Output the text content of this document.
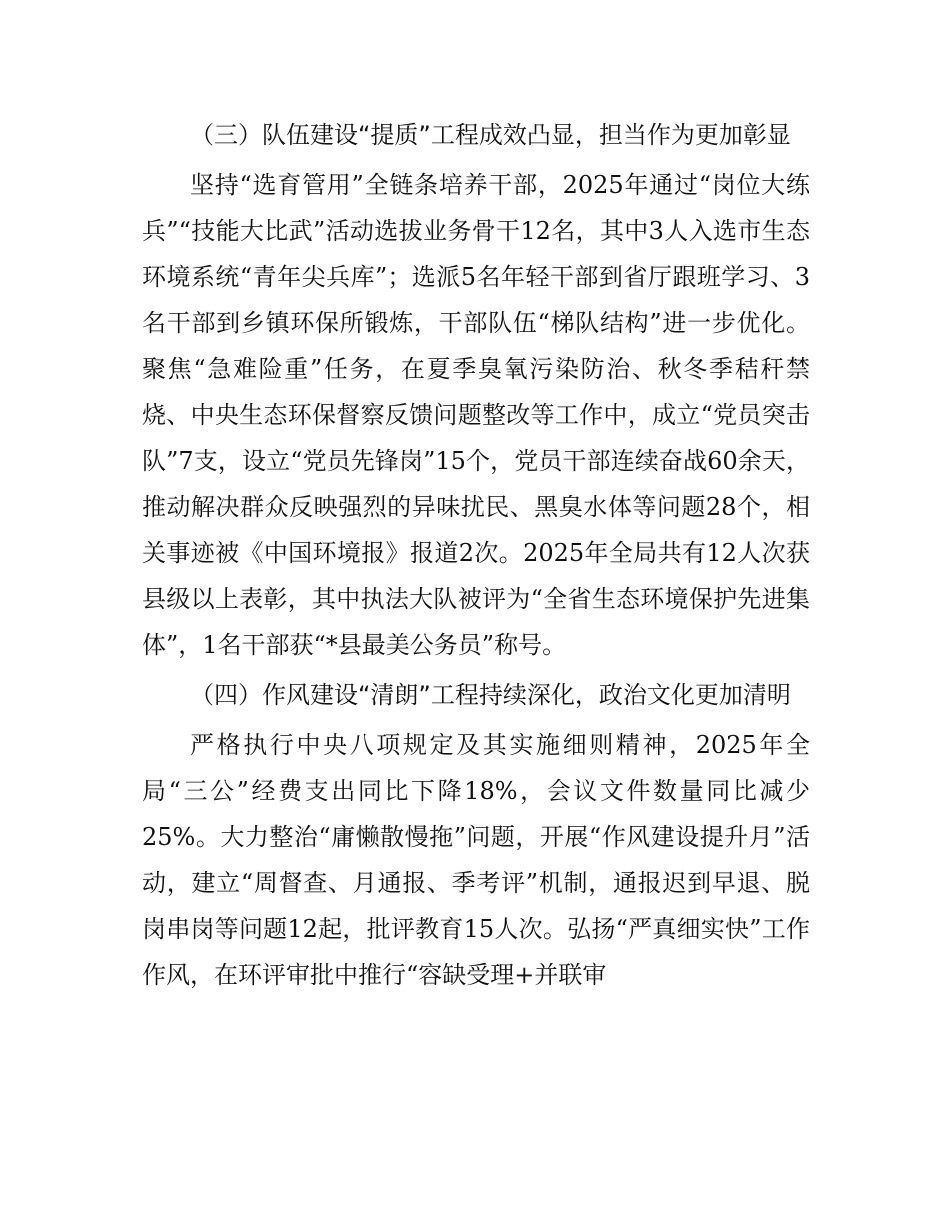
（三）队伍建设“提质”工程成效凸显，担当作为更加彰显

坚持“选育管用”全链条培养干部，2025年通过“岗位大练兵”“技能大比武”活动选拔业务骨干12名，其中3人入选市生态环境系统“青年尖兵库”；选派5名年轻干部到省厅跟班学习、3名干部到乡镇环保所锻炼，干部队伍“梯队结构”进一步优化。聚焦“急难险重”任务，在夏季臭氧污染防治、秋冬季秸秆禁烧、中央生态环保督察反馈问题整改等工作中，成立“党员突击队”7支，设立“党员先锋岗”15个，党员干部连续奋战60余天，推动解决群众反映强烈的异味扰民、黑臭水体等问题28个，相关事迹被《中国环境报》报道2次。2025年全局共有12人次获县级以上表彰，其中执法大队被评为“全省生态环境保护先进集体”，1名干部获“*县最美公务员”称号。

（四）作风建设“清朗”工程持续深化，政治文化更加清明

严格执行中央八项规定及其实施细则精神，2025年全局“三公”经费支出同比下降18%，会议文件数量同比减少25%。大力整治“庸懒散慢拖”问题，开展“作风建设提升月”活动，建立“周督查、月通报、季考评”机制，通报迟到早退、脱岗串岗等问题12起，批评教育15人次。弘扬“严真细实快”工作作风，在环评审批中推行“容缺受理+并联审
